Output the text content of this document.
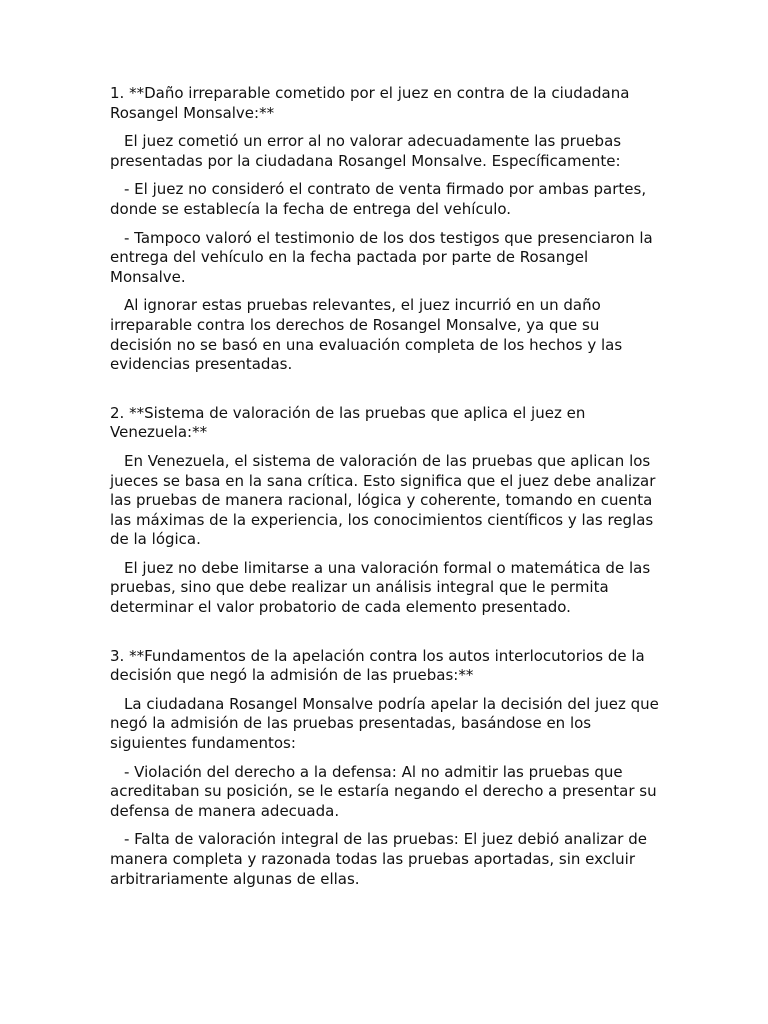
1. **Daño irreparable cometido por el juez en contra de la ciudadana Rosangel Monsalve:**

El juez cometió un error al no valorar adecuadamente las pruebas presentadas por la ciudadana Rosangel Monsalve. Específicamente:

- El juez no consideró el contrato de venta firmado por ambas partes, donde se establecía la fecha de entrega del vehículo.

- Tampoco valoró el testimonio de los dos testigos que presenciaron la entrega del vehículo en la fecha pactada por parte de Rosangel Monsalve.

Al ignorar estas pruebas relevantes, el juez incurrió en un daño irreparable contra los derechos de Rosangel Monsalve, ya que su decisión no se basó en una evaluación completa de los hechos y las evidencias presentadas.

2. **Sistema de valoración de las pruebas que aplica el juez en Venezuela:**

En Venezuela, el sistema de valoración de las pruebas que aplican los jueces se basa en la sana crítica. Esto significa que el juez debe analizar las pruebas de manera racional, lógica y coherente, tomando en cuenta las máximas de la experiencia, los conocimientos científicos y las reglas de la lógica.

El juez no debe limitarse a una valoración formal o matemática de las pruebas, sino que debe realizar un análisis integral que le permita determinar el valor probatorio de cada elemento presentado.

3. **Fundamentos de la apelación contra los autos interlocutorios de la decisión que negó la admisión de las pruebas:**

La ciudadana Rosangel Monsalve podría apelar la decisión del juez que negó la admisión de las pruebas presentadas, basándose en los siguientes fundamentos:

- Violación del derecho a la defensa: Al no admitir las pruebas que acreditaban su posición, se le estaría negando el derecho a presentar su defensa de manera adecuada.

- Falta de valoración integral de las pruebas: El juez debió analizar de manera completa y razonada todas las pruebas aportadas, sin excluir arbitrariamente algunas de ellas.
